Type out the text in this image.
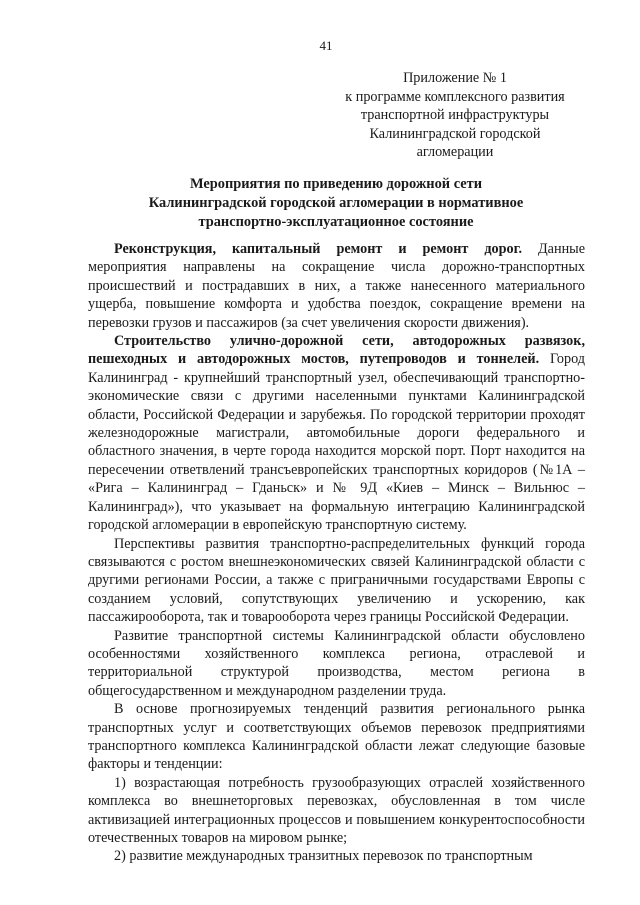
41
Приложение № 1
к программе комплексного развития
транспортной инфраструктуры
Калининградской городской
агломерации
Мероприятия по приведению дорожной сети
Калининградской городской агломерации в нормативное
транспортно-эксплуатационное состояние

Реконструкция, капитальный ремонт и ремонт дорог. Данные мероприятия направлены на сокращение числа дорожно-транспортных происшествий и пострадавших в них, а также нанесенного материального ущерба, повышение комфорта и удобства поездок, сокращение времени на перевозки грузов и пассажиров (за счет увеличения скорости движения).

Строительство улично-дорожной сети, автодорожных развязок, пешеходных и автодорожных мостов, путепроводов и тоннелей. Город Калининград - крупнейший транспортный узел, обеспечивающий транспортно-экономические связи с другими населенными пунктами Калининградской области, Российской Федерации и зарубежья. По городской территории проходят железнодорожные магистрали, автомобильные дороги федерального и областного значения, в черте города находится морской порт. Порт находится на пересечении ответвлений трансъевропейских транспортных коридоров (№1А – «Рига – Калининград – Гданьск» и № 9Д «Киев – Минск – Вильнюс – Калининград»), что указывает на формальную интеграцию Калининградской городской агломерации в европейскую транспортную систему.

Перспективы развития транспортно-распределительных функций города связываются с ростом внешнеэкономических связей Калининградской области с другими регионами России, а также с приграничными государствами Европы с созданием условий, сопутствующих увеличению и ускорению, как пассажирооборота, так и товарооборота через границы Российской Федерации.

Развитие транспортной системы Калининградской области обусловлено особенностями хозяйственного комплекса региона, отраслевой и территориальной структурой производства, местом региона в общегосударственном и международном разделении труда.

В основе прогнозируемых тенденций развития регионального рынка транспортных услуг и соответствующих объемов перевозок предприятиями транспортного комплекса Калининградской области лежат следующие базовые факторы и тенденции:

1) возрастающая потребность грузообразующих отраслей хозяйственного комплекса во внешнеторговых перевозках, обусловленная в том числе активизацией интеграционных процессов и повышением конкурентоспособности отечественных товаров на мировом рынке;

2) развитие международных транзитных перевозок по транспортным
